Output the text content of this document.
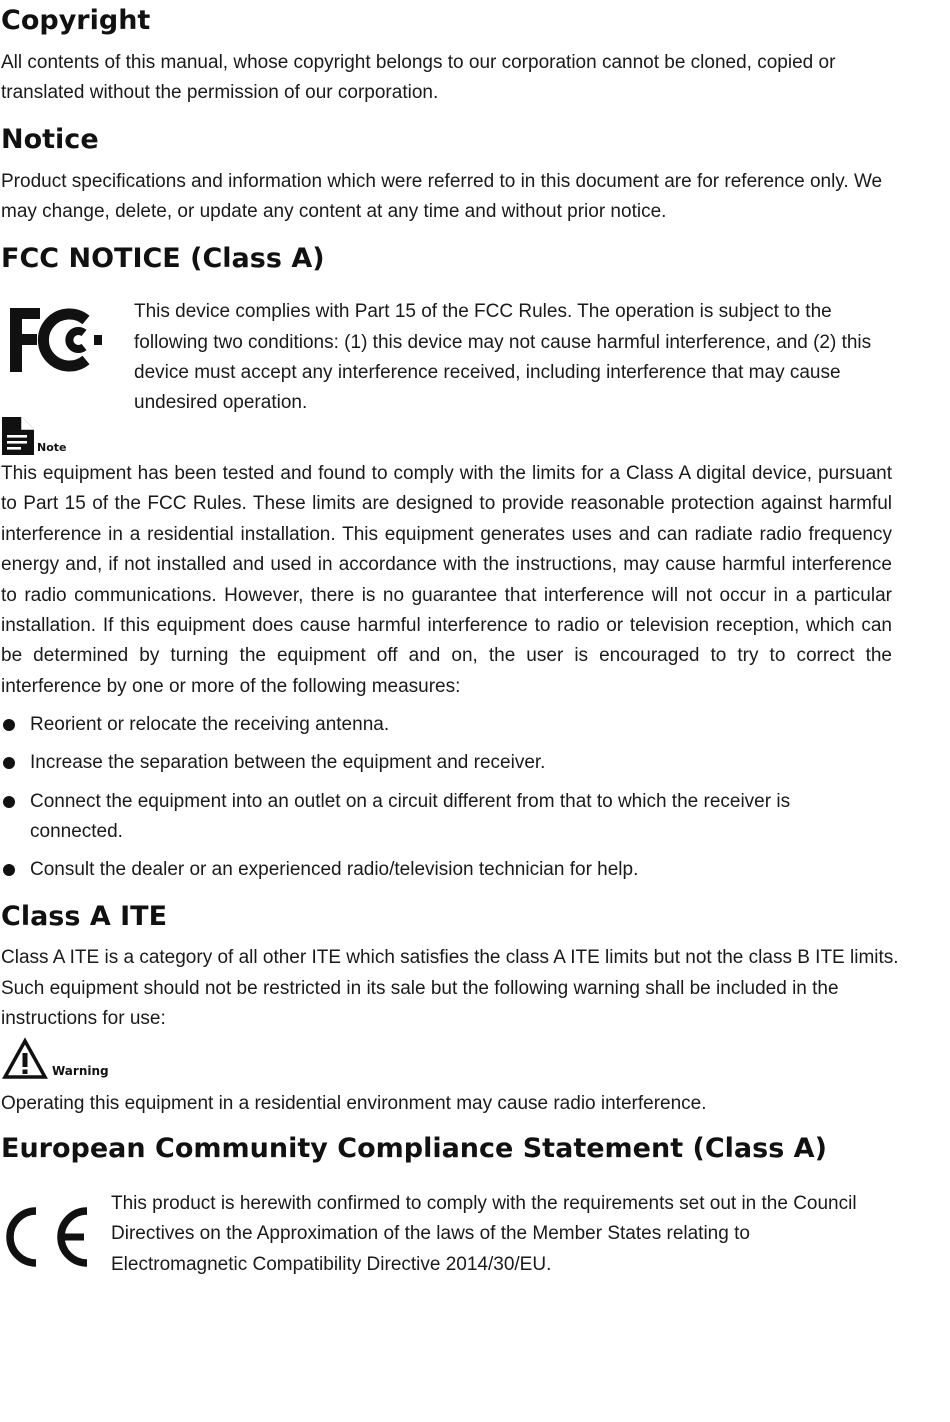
Copyright

All contents of this manual, whose copyright belongs to our corporation cannot be cloned, copied or

translated without the permission of our corporation.

Notice

Product specifications and information which were referred to in this document are for reference only. We

may change, delete, or update any content at any time and without prior notice.

FCC NOTICE (Class A)

This device complies with Part 15 of the FCC Rules. The operation is subject to the

following two conditions: (1) this device may not cause harmful interference, and (2) this

device must accept any interference received, including interference that may cause

undesired operation.

Note

This equipment has been tested and found to comply with the limits for a Class A digital device, pursuant to Part 15 of the FCC Rules. These limits are designed to provide reasonable protection against harmful interference in a residential installation. This equipment generates uses and can radiate radio frequency energy and, if not installed and used in accordance with the instructions, may cause harmful interference to radio communications. However, there is no guarantee that interference will not occur in a particular installation. If this equipment does cause harmful interference to radio or television reception, which can be determined by turning the equipment off and on, the user is encouraged to try to correct the interference by one or more of the following measures:

Reorient or relocate the receiving antenna.
Increase the separation between the equipment and receiver.
Connect the equipment into an outlet on a circuit different from that to which the receiver is connected.
Consult the dealer or an experienced radio/television technician for help.
Class A ITE

Class A ITE is a category of all other ITE which satisfies the class A ITE limits but not the class B ITE limits.

Such equipment should not be restricted in its sale but the following warning shall be included in the

instructions for use:

Warning

Operating this equipment in a residential environment may cause radio interference.

European Community Compliance Statement (Class A)

This product is herewith confirmed to comply with the requirements set out in the Council

Directives on the Approximation of the laws of the Member States relating to

Electromagnetic Compatibility Directive 2014/30/EU.
